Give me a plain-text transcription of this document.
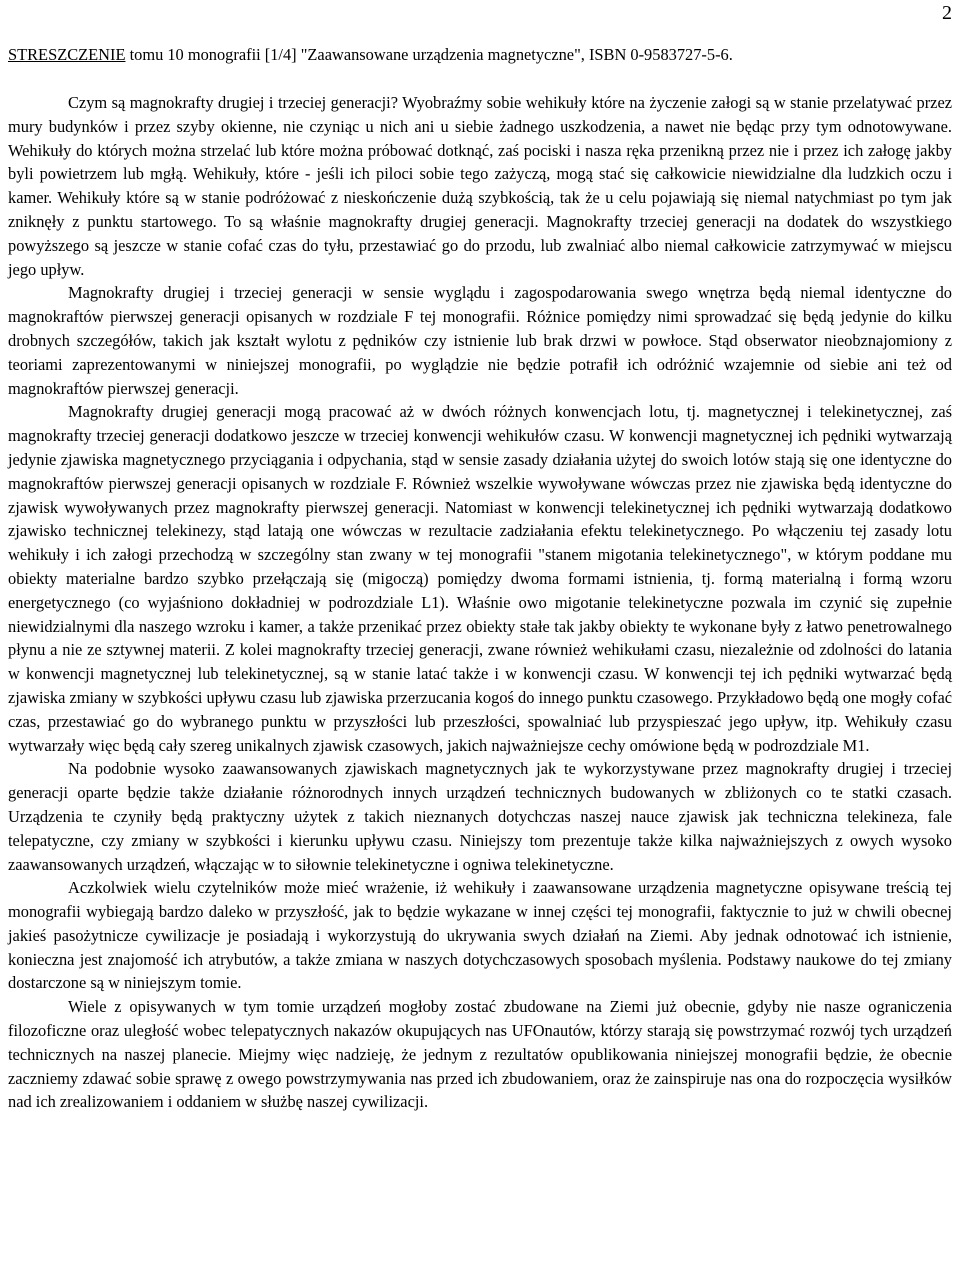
2
STRESZCZENIE tomu 10 monografii [1/4] "Zaawansowane urządzenia magnetyczne", ISBN 0-9583727-5-6.

Czym są magnokrafty drugiej i trzeciej generacji? Wyobraźmy sobie wehikuły które na życzenie załogi są w stanie przelatywać przez mury budynków i przez szyby okienne, nie czyniąc u nich ani u siebie żadnego uszkodzenia, a nawet nie będąc przy tym odnotowywane. Wehikuły do których można strzelać lub które można próbować dotknąć, zaś pociski i nasza ręka przenikną przez nie i przez ich załogę jakby byli powietrzem lub mgłą. Wehikuły, które - jeśli ich piloci sobie tego zażyczą, mogą stać się całkowicie niewidzialne dla ludzkich oczu i kamer. Wehikuły które są w stanie podróżować z nieskończenie dużą szybkością, tak że u celu pojawiają się niemal natychmiast po tym jak zniknęły z punktu startowego. To są właśnie magnokrafty drugiej generacji. Magnokrafty trzeciej generacji na dodatek do wszystkiego powyższego są jeszcze w stanie cofać czas do tyłu, przestawiać go do przodu, lub zwalniać albo niemal całkowicie zatrzymywać w miejscu jego upływ.

Magnokrafty drugiej i trzeciej generacji w sensie wyglądu i zagospodarowania swego wnętrza będą niemal identyczne do magnokraftów pierwszej generacji opisanych w rozdziale F tej monografii. Różnice pomiędzy nimi sprowadzać się będą jedynie do kilku drobnych szczegółów, takich jak kształt wylotu z pędników czy istnienie lub brak drzwi w powłoce. Stąd obserwator nieobznajomiony z teoriami zaprezentowanymi w niniejszej monografii, po wyglądzie nie będzie potrafił ich odróżnić wzajemnie od siebie ani też od magnokraftów pierwszej generacji.

Magnokrafty drugiej generacji mogą pracować aż w dwóch różnych konwencjach lotu, tj. magnetycznej i telekinetycznej, zaś magnokrafty trzeciej generacji dodatkowo jeszcze w trzeciej konwencji wehikułów czasu. W konwencji magnetycznej ich pędniki wytwarzają jedynie zjawiska magnetycznego przyciągania i odpychania, stąd w sensie zasady działania użytej do swoich lotów stają się one identyczne do magnokraftów pierwszej generacji opisanych w rozdziale F. Również wszelkie wywoływane wówczas przez nie zjawiska będą identyczne do zjawisk wywoływanych przez magnokrafty pierwszej generacji. Natomiast w konwencji telekinetycznej ich pędniki wytwarzają dodatkowo zjawisko technicznej telekinezy, stąd latają one wówczas w rezultacie zadziałania efektu telekinetycznego. Po włączeniu tej zasady lotu wehikuły i ich załogi przechodzą w szczególny stan zwany w tej monografii "stanem migotania telekinetycznego", w którym poddane mu obiekty materialne bardzo szybko przełączają się (migoczą) pomiędzy dwoma formami istnienia, tj. formą materialną i formą wzoru energetycznego (co wyjaśniono dokładniej w podrozdziale L1). Właśnie owo migotanie telekinetyczne pozwala im czynić się zupełnie niewidzialnymi dla naszego wzroku i kamer, a także przenikać przez obiekty stałe tak jakby obiekty te wykonane były z łatwo penetrowalnego płynu a nie ze sztywnej materii. Z kolei magnokrafty trzeciej generacji, zwane również wehikułami czasu, niezależnie od zdolności do latania w konwencji magnetycznej lub telekinetycznej, są w stanie latać także i w konwencji czasu. W konwencji tej ich pędniki wytwarzać będą zjawiska zmiany w szybkości upływu czasu lub zjawiska przerzucania kogoś do innego punktu czasowego. Przykładowo będą one mogły cofać czas, przestawiać go do wybranego punktu w przyszłości lub przeszłości, spowalniać lub przyspieszać jego upływ, itp. Wehikuły czasu wytwarzały więc będą cały szereg unikalnych zjawisk czasowych, jakich najważniejsze cechy omówione będą w podrozdziale M1.

Na podobnie wysoko zaawansowanych zjawiskach magnetycznych jak te wykorzystywane przez magnokrafty drugiej i trzeciej generacji oparte będzie także działanie różnorodnych innych urządzeń technicznych budowanych w zbliżonych co te statki czasach. Urządzenia te czyniły będą praktyczny użytek z takich nieznanych dotychczas naszej nauce zjawisk jak techniczna telekineza, fale telepatyczne, czy zmiany w szybkości i kierunku upływu czasu. Niniejszy tom prezentuje także kilka najważniejszych z owych wysoko zaawansowanych urządzeń, włączając w to siłownie telekinetyczne i ogniwa telekinetyczne.

Aczkolwiek wielu czytelników może mieć wrażenie, iż wehikuły i zaawansowane urządzenia magnetyczne opisywane treścią tej monografii wybiegają bardzo daleko w przyszłość, jak to będzie wykazane w innej części tej monografii, faktycznie to już w chwili obecnej jakieś pasożytnicze cywilizacje je posiadają i wykorzystują do ukrywania swych działań na Ziemi. Aby jednak odnotować ich istnienie, konieczna jest znajomość ich atrybutów, a także zmiana w naszych dotychczasowych sposobach myślenia. Podstawy naukowe do tej zmiany dostarczone są w niniejszym tomie.

Wiele z opisywanych w tym tomie urządzeń mogłoby zostać zbudowane na Ziemi już obecnie, gdyby nie nasze ograniczenia filozoficzne oraz uległość wobec telepatycznych nakazów okupujących nas UFOnautów, którzy starają się powstrzymać rozwój tych urządzeń technicznych na naszej planecie. Miejmy więc nadzieję, że jednym z rezultatów opublikowania niniejszej monografii będzie, że obecnie zaczniemy zdawać sobie sprawę z owego powstrzymywania nas przed ich zbudowaniem, oraz że zainspiruje nas ona do rozpoczęcia wysiłków nad ich zrealizowaniem i oddaniem w służbę naszej cywilizacji.
